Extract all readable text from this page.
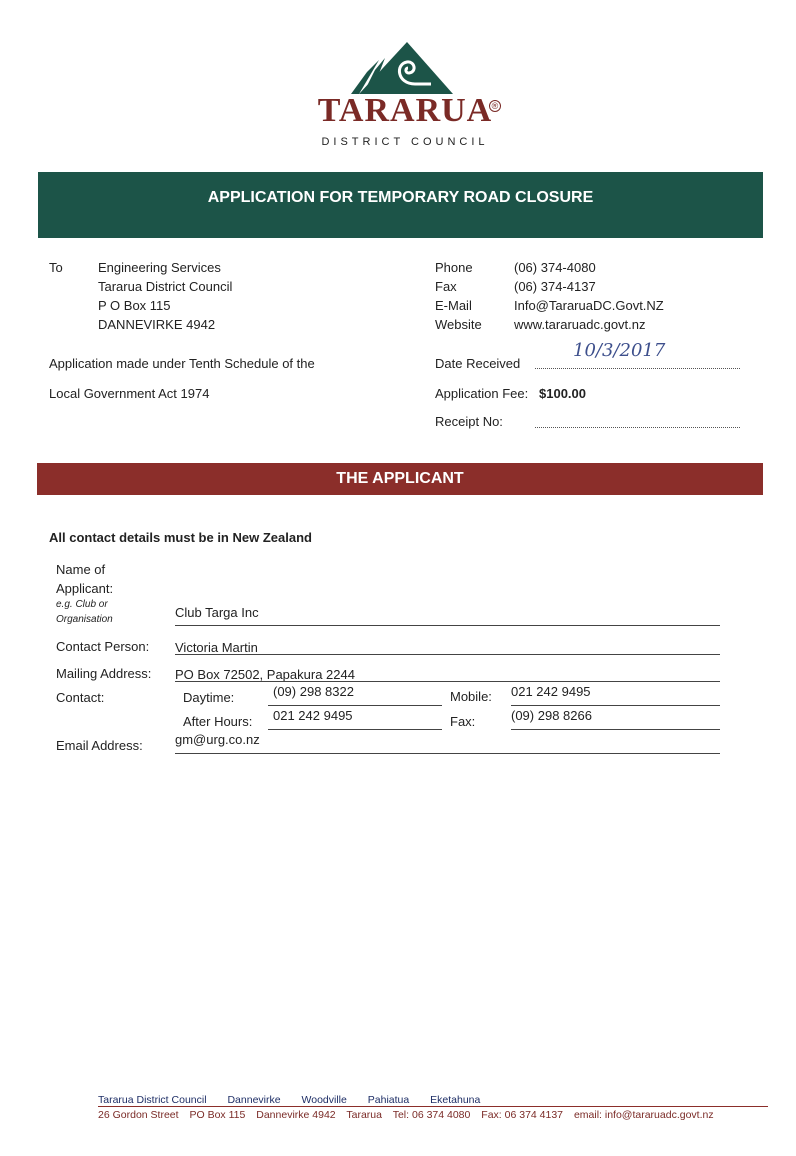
TARARUA ®
DISTRICT COUNCIL
APPLICATION FOR TEMPORARY ROAD CLOSURE
To	Engineering Services
Tararua District Council
P O Box 115
DANNEVIRKE 4942
Phone	(06) 374-4080
Fax	(06) 374-4137
E-Mail	Info@TararuaDC.Govt.NZ
Website www.tararuadc.govt.nz
Application made under Tenth Schedule of the
Local Government Act 1974
Date Received
10/3/2017
Application Fee: $100.00
Receipt No:
THE APPLICANT
All contact details must be in New Zealand
Name of
Applicant:
e.g. Club or
Organisation	Club Targa Inc
Contact Person: Victoria Martin
Mailing Address: PO Box 72502, Papakura 2244
Contact:	Daytime:	(09) 298 8322	Mobile: 021 242 9495
After Hours: 021 242 9495	Fax:	(09) 298 8266
Email Address: gm@urg.co.nz
Tararua District Council Dannevirke Woodville Pahiatua Eketahuna
26 Gordon Street PO Box 115 Dannevirke 4942 Tararua Tel: 06 374 4080 Fax: 06 374 4137 email: info@tararuadc.govt.nz
